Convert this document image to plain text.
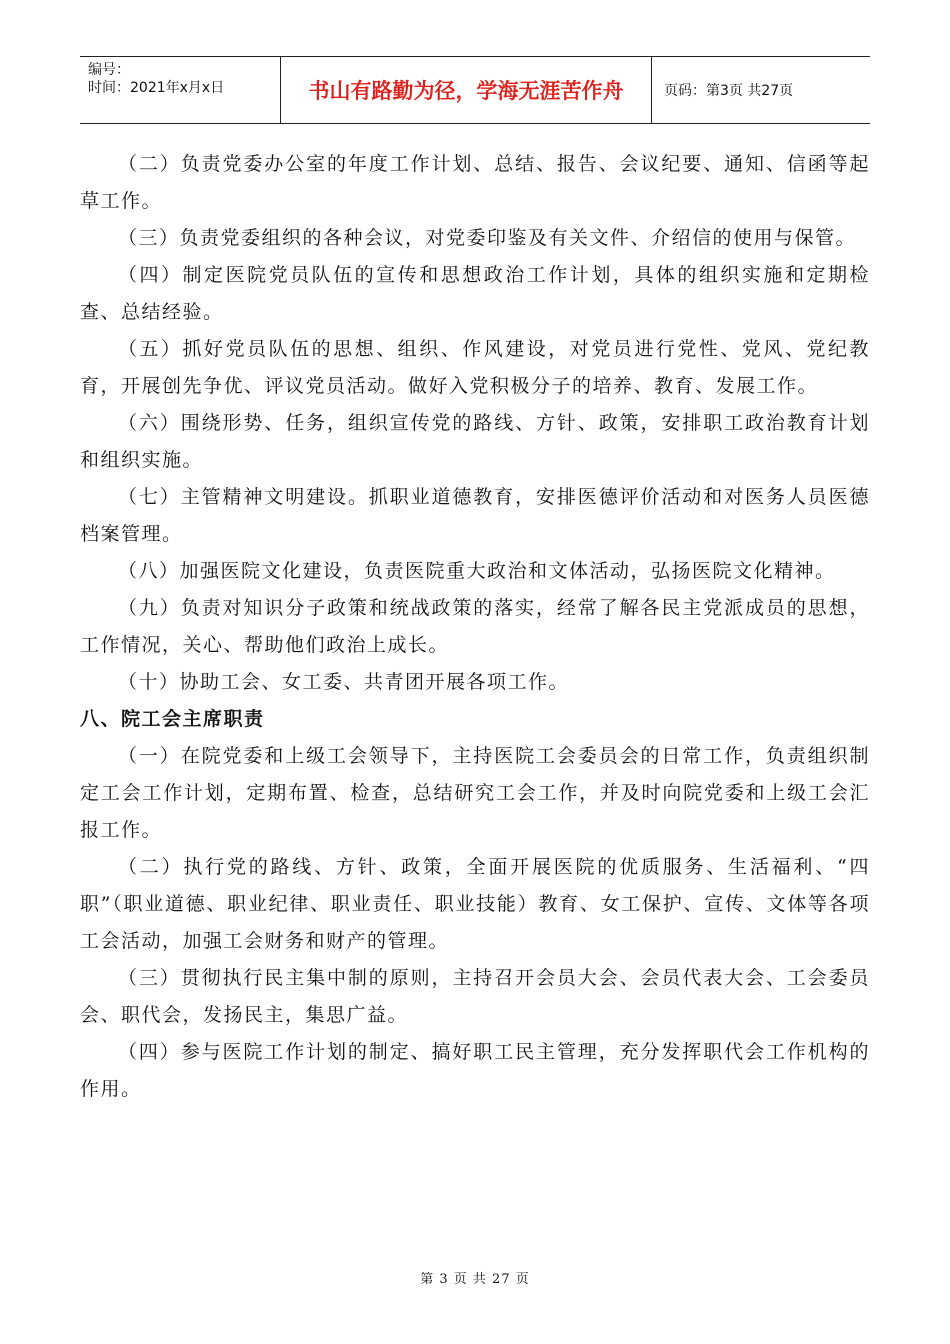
编号：
时间：2021年x月x日	书山有路勤为径，学海无涯苦作舟	页码：第3页 共27页

（二）负责党委办公室的年度工作计划、总结、报告、会议纪要、通知、信函等起草工作。

（三）负责党委组织的各种会议，对党委印鉴及有关文件、介绍信的使用与保管。

（四）制定医院党员队伍的宣传和思想政治工作计划，具体的组织实施和定期检查、总结经验。

（五）抓好党员队伍的思想、组织、作风建设，对党员进行党性、党风、党纪教育，开展创先争优、评议党员活动。做好入党积极分子的培养、教育、发展工作。

（六）围绕形势、任务，组织宣传党的路线、方针、政策，安排职工政治教育计划和组织实施。

（七）主管精神文明建设。抓职业道德教育，安排医德评价活动和对医务人员医德档案管理。

（八）加强医院文化建设，负责医院重大政治和文体活动，弘扬医院文化精神。

（九）负责对知识分子政策和统战政策的落实，经常了解各民主党派成员的思想，工作情况，关心、帮助他们政治上成长。

（十）协助工会、女工委、共青团开展各项工作。

八、院工会主席职责

（一）在院党委和上级工会领导下，主持医院工会委员会的日常工作，负责组织制定工会工作计划，定期布置、检查，总结研究工会工作，并及时向院党委和上级工会汇报工作。

（二）执行党的路线、方针、政策，全面开展医院的优质服务、生活福利、“四职”（职业道德、职业纪律、职业责任、职业技能）教育、女工保护、宣传、文体等各项工会活动，加强工会财务和财产的管理。

（三）贯彻执行民主集中制的原则，主持召开会员大会、会员代表大会、工会委员会、职代会，发扬民主，集思广益。

（四）参与医院工作计划的制定、搞好职工民主管理，充分发挥职代会工作机构的作用。

第 3 页 共 27 页
